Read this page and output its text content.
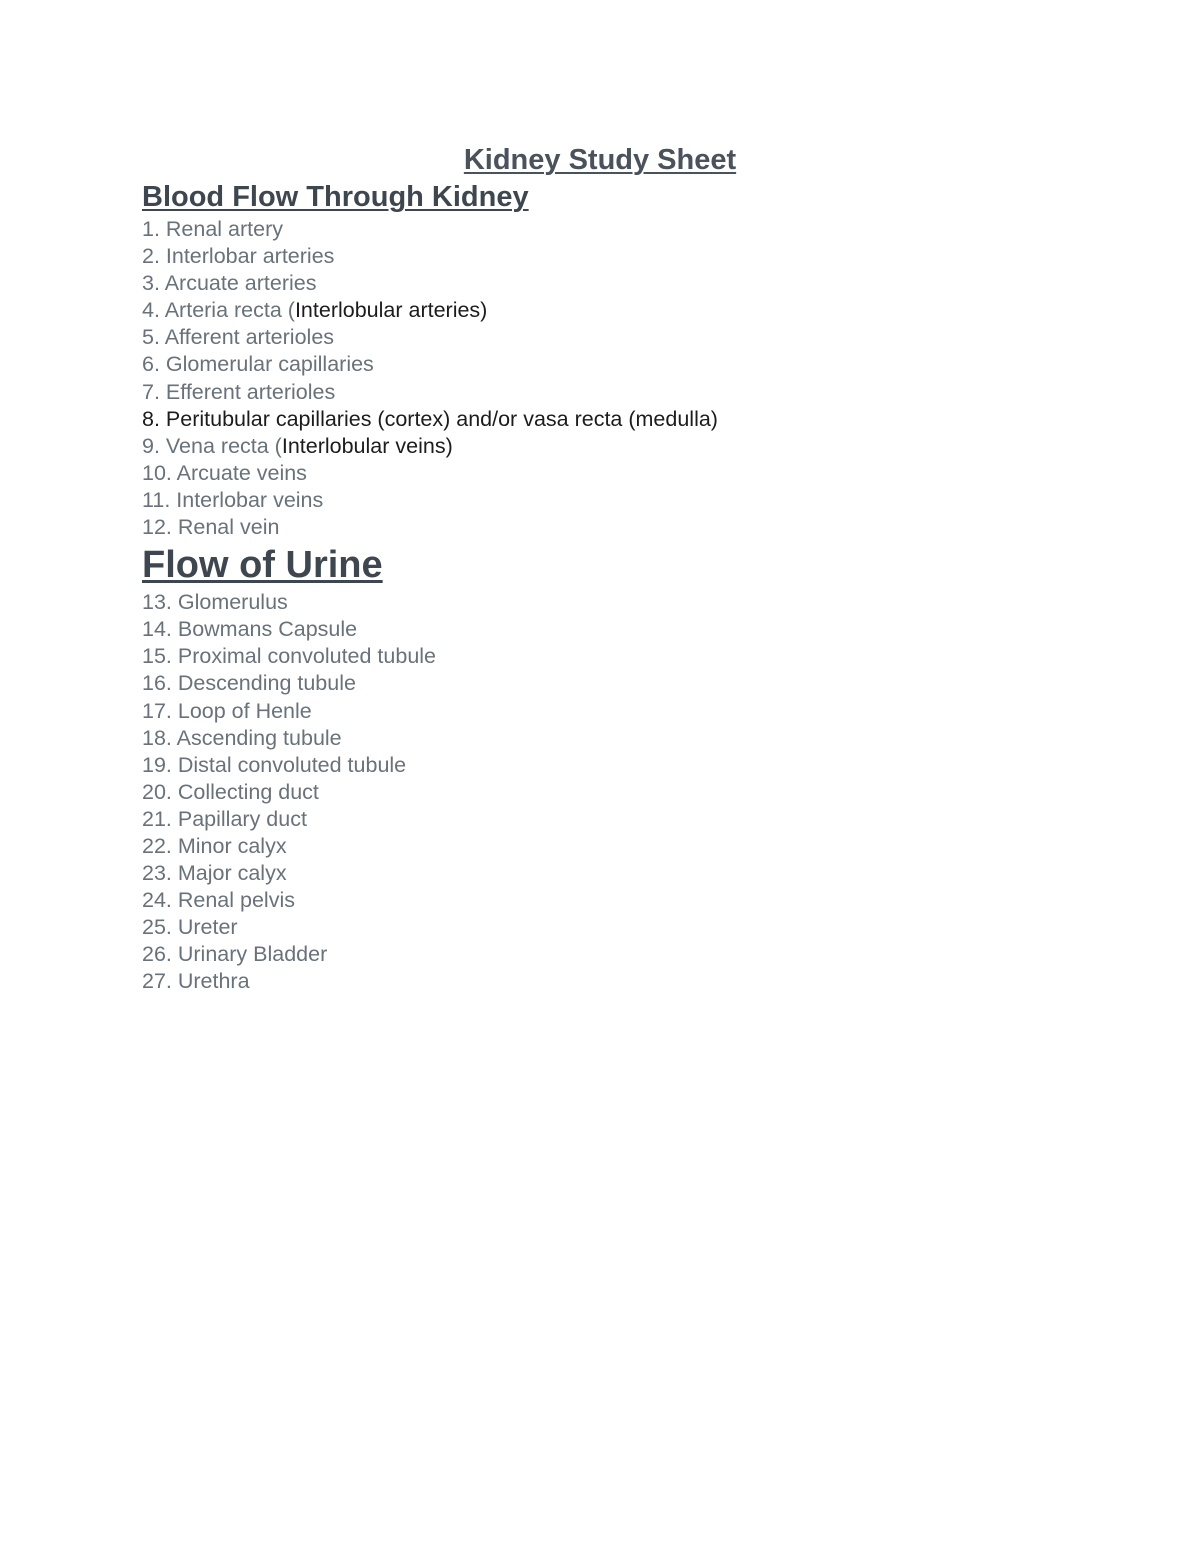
Kidney Study Sheet
Blood Flow Through Kidney
1. Renal artery
2. Interlobar arteries
3. Arcuate arteries
4. Arteria recta (Interlobular arteries)
5. Afferent arterioles
6. Glomerular capillaries
7. Efferent arterioles
8. Peritubular capillaries (cortex) and/or vasa recta (medulla)
9. Vena recta (Interlobular veins)
10. Arcuate veins
11. Interlobar veins
12. Renal vein
Flow of Urine
13. Glomerulus
14. Bowmans Capsule
15. Proximal convoluted tubule
16. Descending tubule
17. Loop of Henle
18. Ascending tubule
19. Distal convoluted tubule
20. Collecting duct
21. Papillary duct
22. Minor calyx
23. Major calyx
24. Renal pelvis
25. Ureter
26. Urinary Bladder
27. Urethra
